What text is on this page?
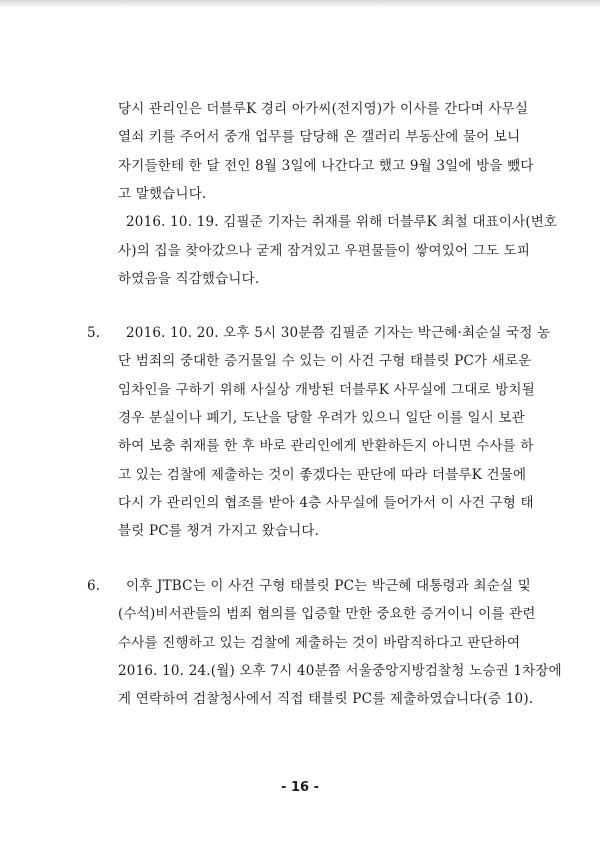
당시 관리인은 더블루K 경리 아가씨(전지영)가 이사를 간다며 사무실
열쇠 키를 주어서 중개 업무를 담당해 온 갤러리 부동산에 물어 보니
자기들한테 한 달 전인 8월 3일에 나간다고 했고 9월 3일에 방을 뺐다
고 말했습니다.
2016. 10. 19. 김필준 기자는 취재를 위해 더블루K 최철 대표이사(변호
사)의 집을 찾아갔으나 굳게 잠겨있고 우편물들이 쌓여있어 그도 도피
하였음을 직감했습니다.
5. 2016. 10. 20. 오후 5시 30분쯤 김필준 기자는 박근혜·최순실 국정 농
단 범죄의 중대한 증거물일 수 있는 이 사건 구형 태블릿 PC가 새로운
임차인을 구하기 위해 사실상 개방된 더블루K 사무실에 그대로 방치될
경우 분실이나 폐기, 도난을 당할 우려가 있으니 일단 이를 일시 보관
하여 보충 취재를 한 후 바로 관리인에게 반환하든지 아니면 수사를 하
고 있는 검찰에 제출하는 것이 좋겠다는 판단에 따라 더블루K 건물에
다시 가 관리인의 협조를 받아 4층 사무실에 들어가서 이 사건 구형 태
블릿 PC를 챙겨 가지고 왔습니다.
6. 이후 JTBC는 이 사건 구형 태블릿 PC는 박근혜 대통령과 최순실 및
(수석)비서관들의 범죄 혐의를 입증할 만한 중요한 증거이니 이를 관련
수사를 진행하고 있는 검찰에 제출하는 것이 바람직하다고 판단하여
2016. 10. 24.(월) 오후 7시 40분쯤 서울중앙지방검찰청 노승권 1차장에
게 연락하여 검찰청사에서 직접 태블릿 PC를 제출하였습니다(증 10).
- 16 -
